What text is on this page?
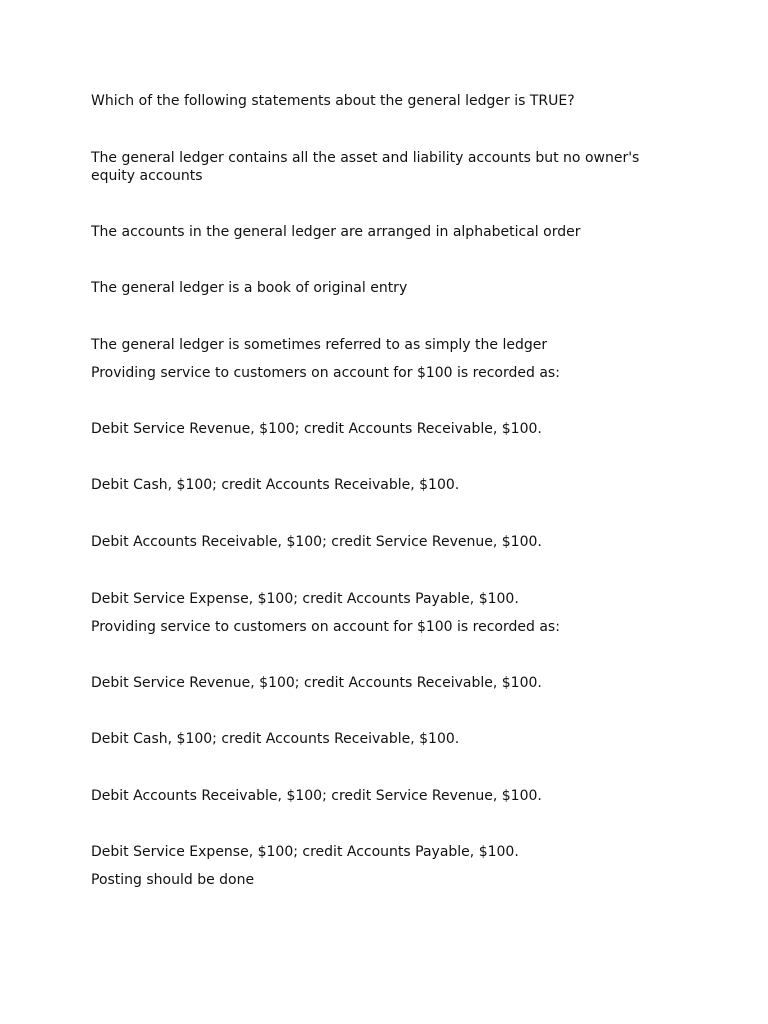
Which of the following statements about the general ledger is TRUE?

The general ledger contains all the asset and liability accounts but no owner's equity accounts

The accounts in the general ledger are arranged in alphabetical order

The general ledger is a book of original entry

The general ledger is sometimes referred to as simply the ledger

Providing service to customers on account for $100 is recorded as:

Debit Service Revenue, $100; credit Accounts Receivable, $100.

Debit Cash, $100; credit Accounts Receivable, $100.

Debit Accounts Receivable, $100; credit Service Revenue, $100.

Debit Service Expense, $100; credit Accounts Payable, $100.

Providing service to customers on account for $100 is recorded as:

Debit Service Revenue, $100; credit Accounts Receivable, $100.

Debit Cash, $100; credit Accounts Receivable, $100.

Debit Accounts Receivable, $100; credit Service Revenue, $100.

Debit Service Expense, $100; credit Accounts Payable, $100.

Posting should be done
